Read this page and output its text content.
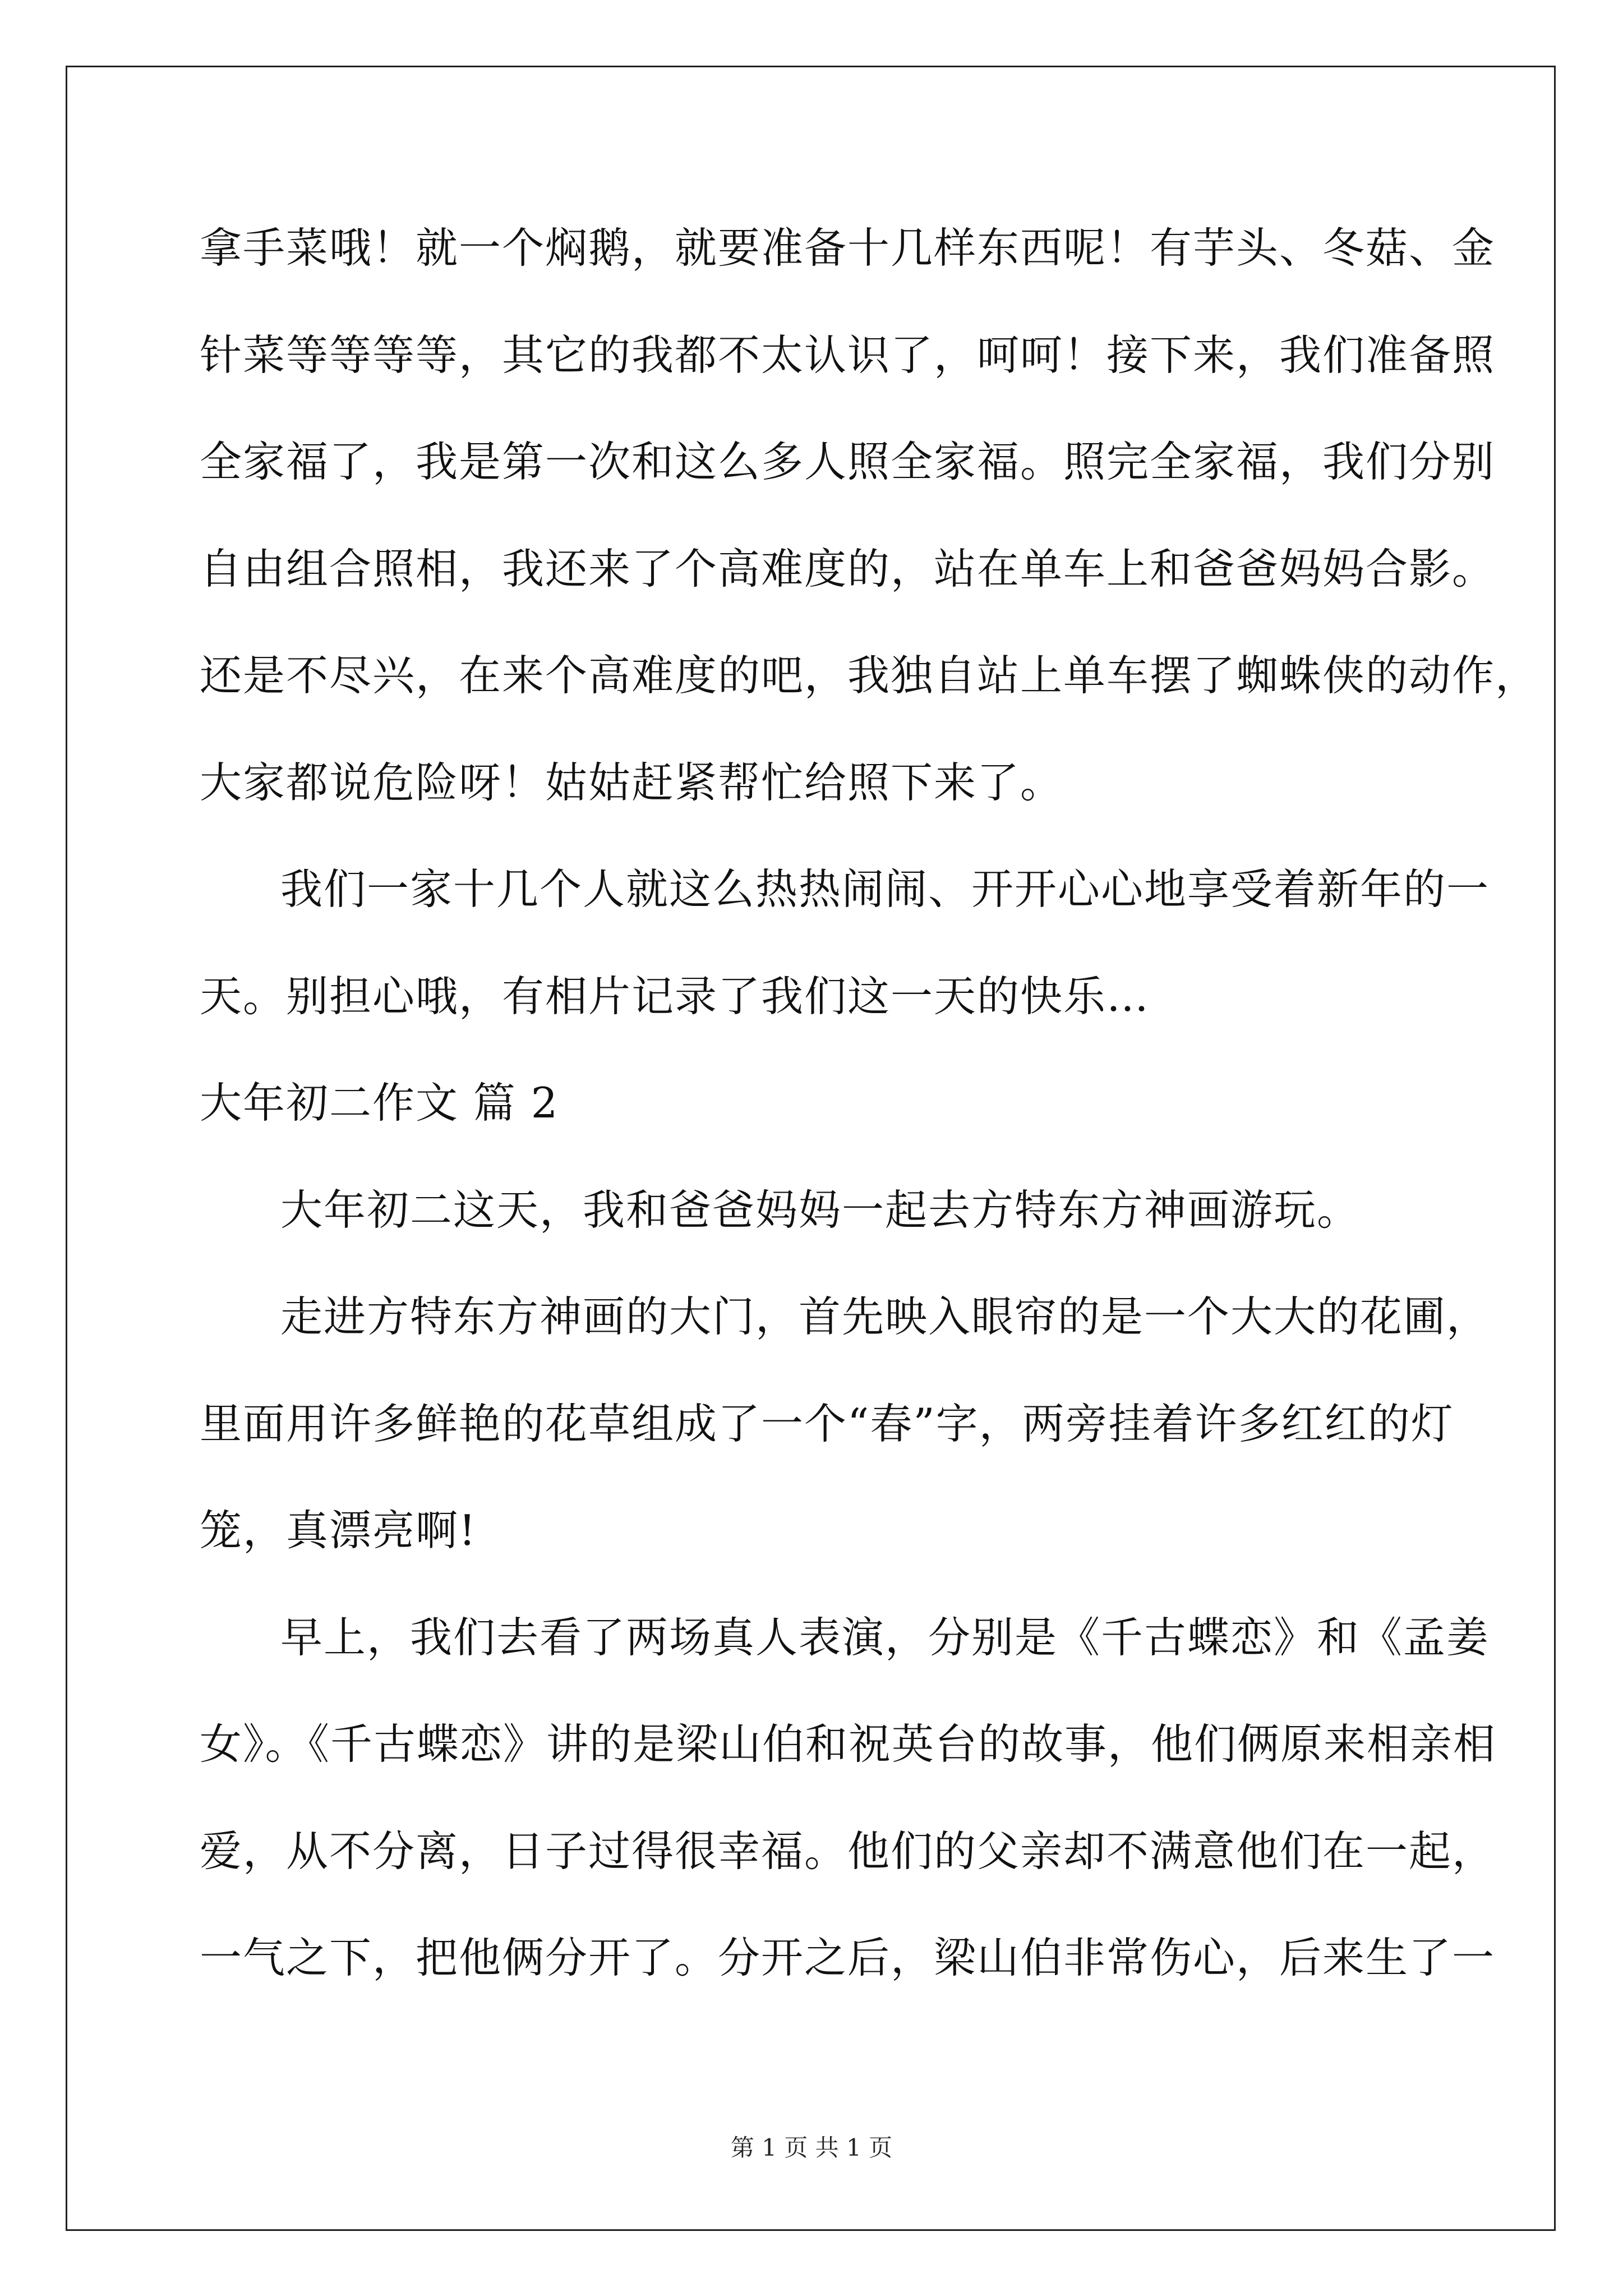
拿手菜哦！就一个焖鹅，就要准备十几样东西呢！有芋头、冬菇、金
针菜等等等等，其它的我都不太认识了，呵呵！接下来，我们准备照
全家福了，我是第一次和这么多人照全家福。照完全家福，我们分别
自由组合照相，我还来了个高难度的，站在单车上和爸爸妈妈合影。
还是不尽兴，在来个高难度的吧，我独自站上单车摆了蜘蛛侠的动作，
大家都说危险呀！姑姑赶紧帮忙给照下来了。
我们一家十几个人就这么热热闹闹、开开心心地享受着新年的一
天。别担心哦，有相片记录了我们这一天的快乐…
大年初二作文 篇 2
大年初二这天，我和爸爸妈妈一起去方特东方神画游玩。
走进方特东方神画的大门，首先映入眼帘的是一个大大的花圃，
里面用许多鲜艳的花草组成了一个“春”字，两旁挂着许多红红的灯
笼，真漂亮啊!
早上，我们去看了两场真人表演，分别是《千古蝶恋》和《孟姜
女》。《千古蝶恋》讲的是梁山伯和祝英台的故事，他们俩原来相亲相
爱，从不分离，日子过得很幸福。他们的父亲却不满意他们在一起，
一气之下，把他俩分开了。分开之后，梁山伯非常伤心，后来生了一
第 1 页 共 1 页
